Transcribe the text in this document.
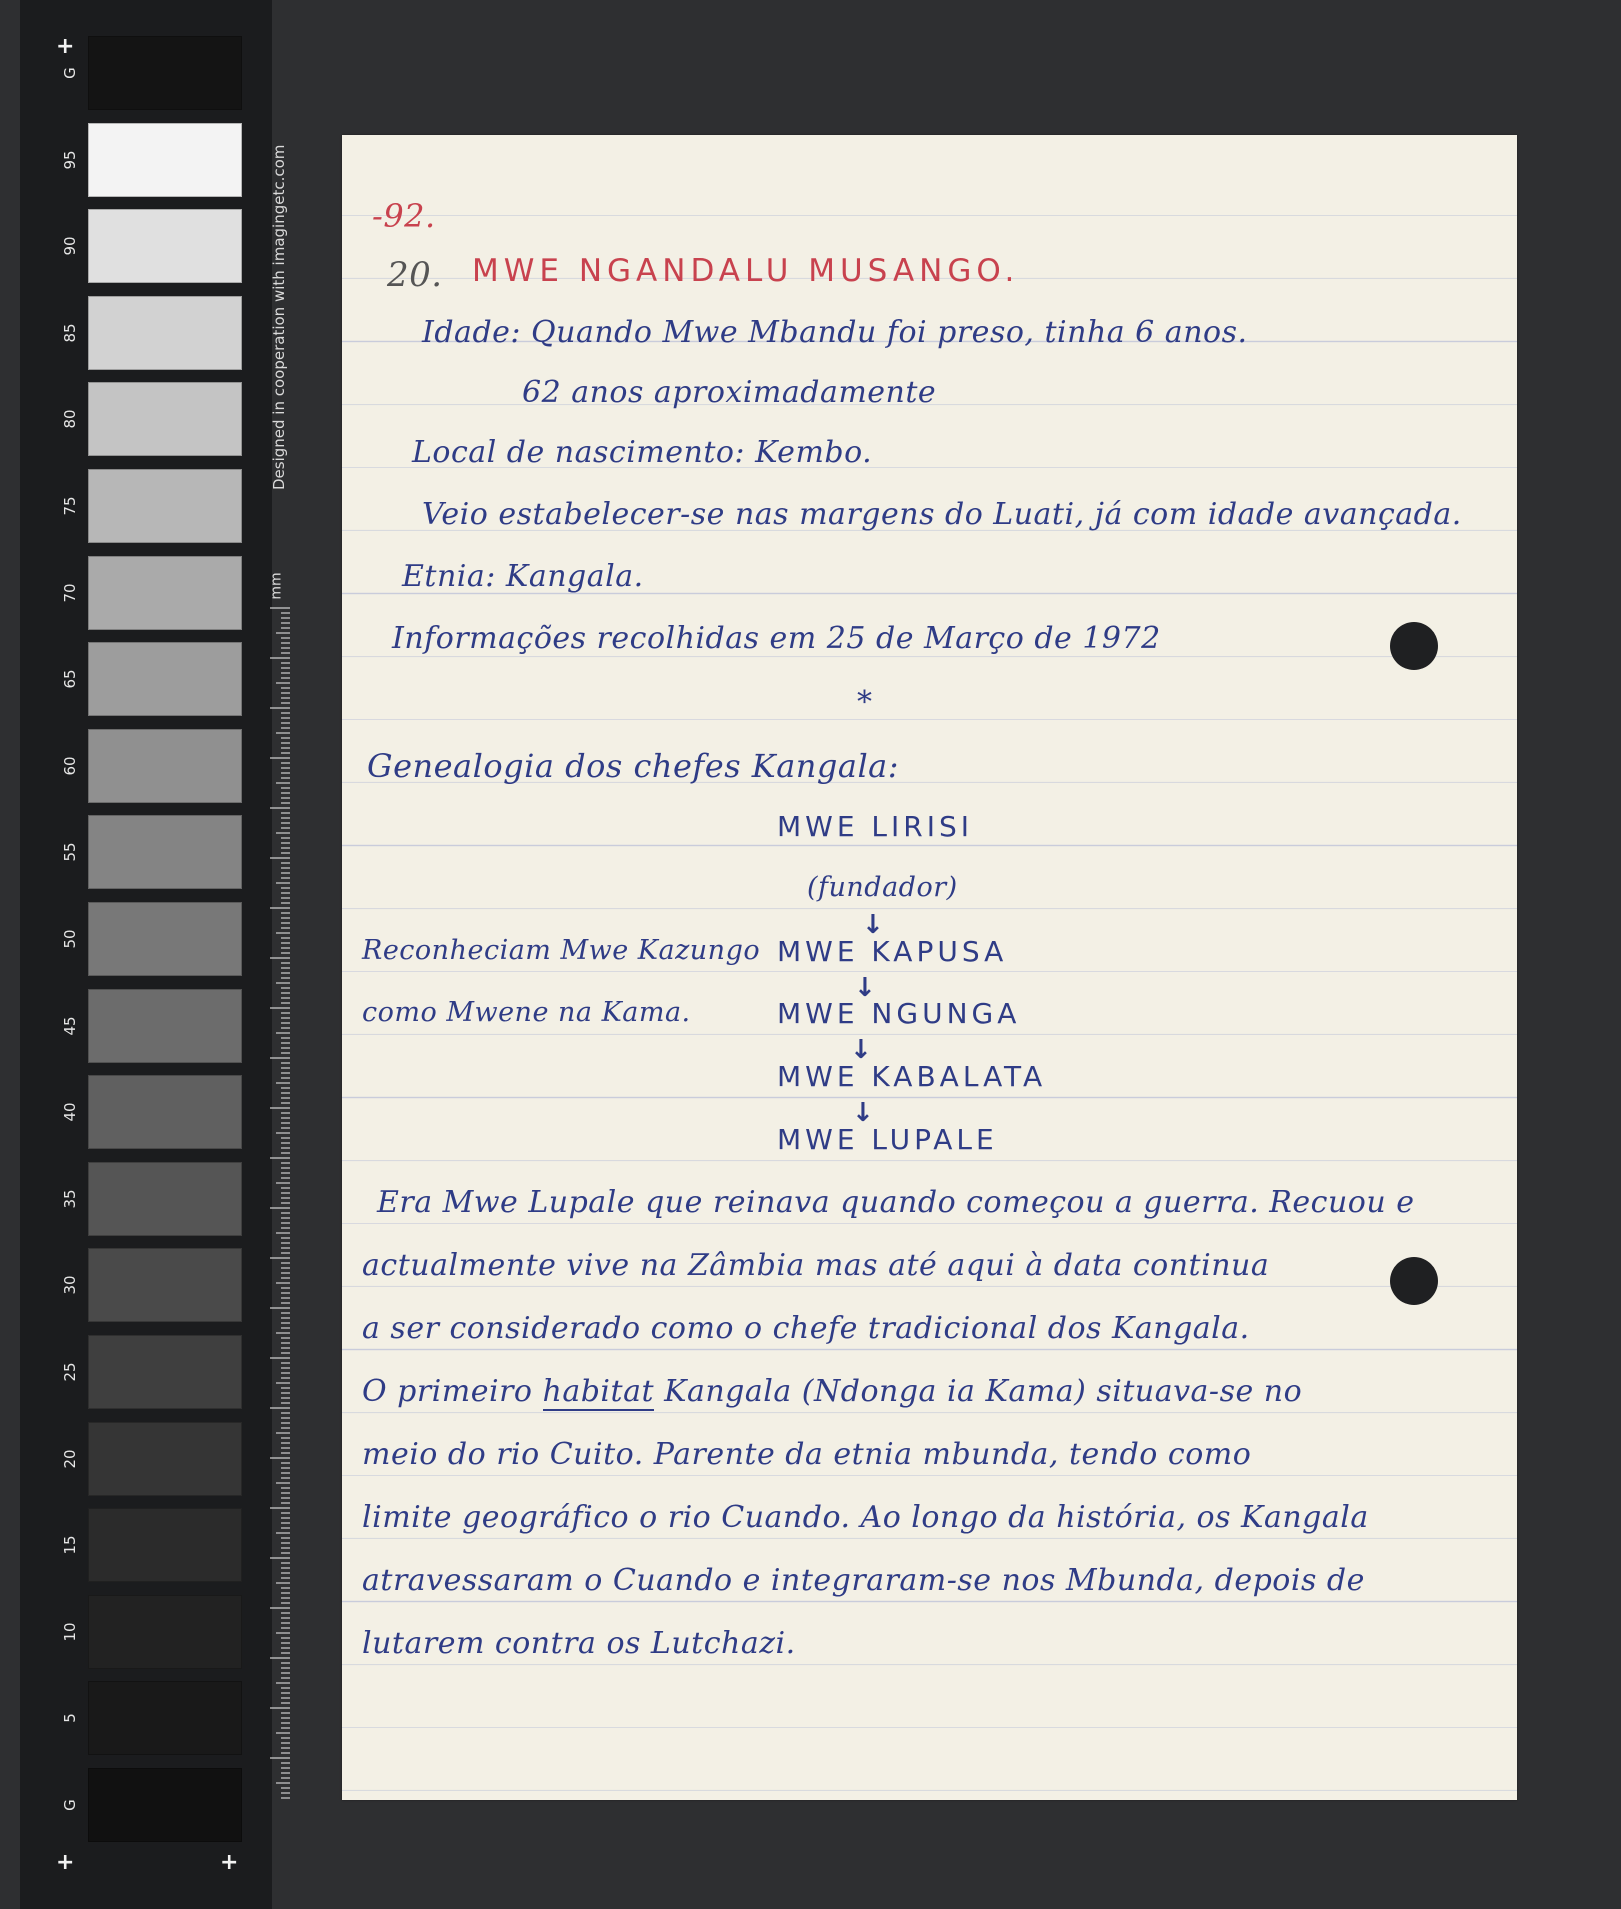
+
+	+
G
95
90
85
80
75
70
65
60
55
50
45
40
35
30
25
20
15
10
5
G
Designed in cooperation with imagingetc.com
mm
-92.
20. MWE NGANDALU MUSANGO.
Idade: Quando Mwe Mbandu foi preso, tinha 6 anos.
62 anos aproximadamente
Local de nascimento: Kembo.
Veio estabelecer-se nas margens do Luati, já com idade avançada.
Etnia: Kangala.
Informações recolhidas em 25 de Março de 1972
*
Genealogia dos chefes Kangala:
MWE LIRISI
(fundador)
↓
Reconheciam Mwe Kazungo MWE KAPUSA
↓
como Mwene na Kama.	MWE NGUNGA
↓
MWE KABALATA
↓
MWE LUPALE
Era Mwe Lupale que reinava quando começou a guerra. Recuou e
actualmente vive na Zâmbia mas até aqui à data continua
a ser considerado como o chefe tradicional dos Kangala.
O primeiro habitat Kangala (Ndonga ia Kama) situava-se no
meio do rio Cuito. Parente da etnia mbunda, tendo como
limite geográfico o rio Cuando. Ao longo da história, os Kangala
atravessaram o Cuando e integraram-se nos Mbunda, depois de
lutarem contra os Lutchazi.
